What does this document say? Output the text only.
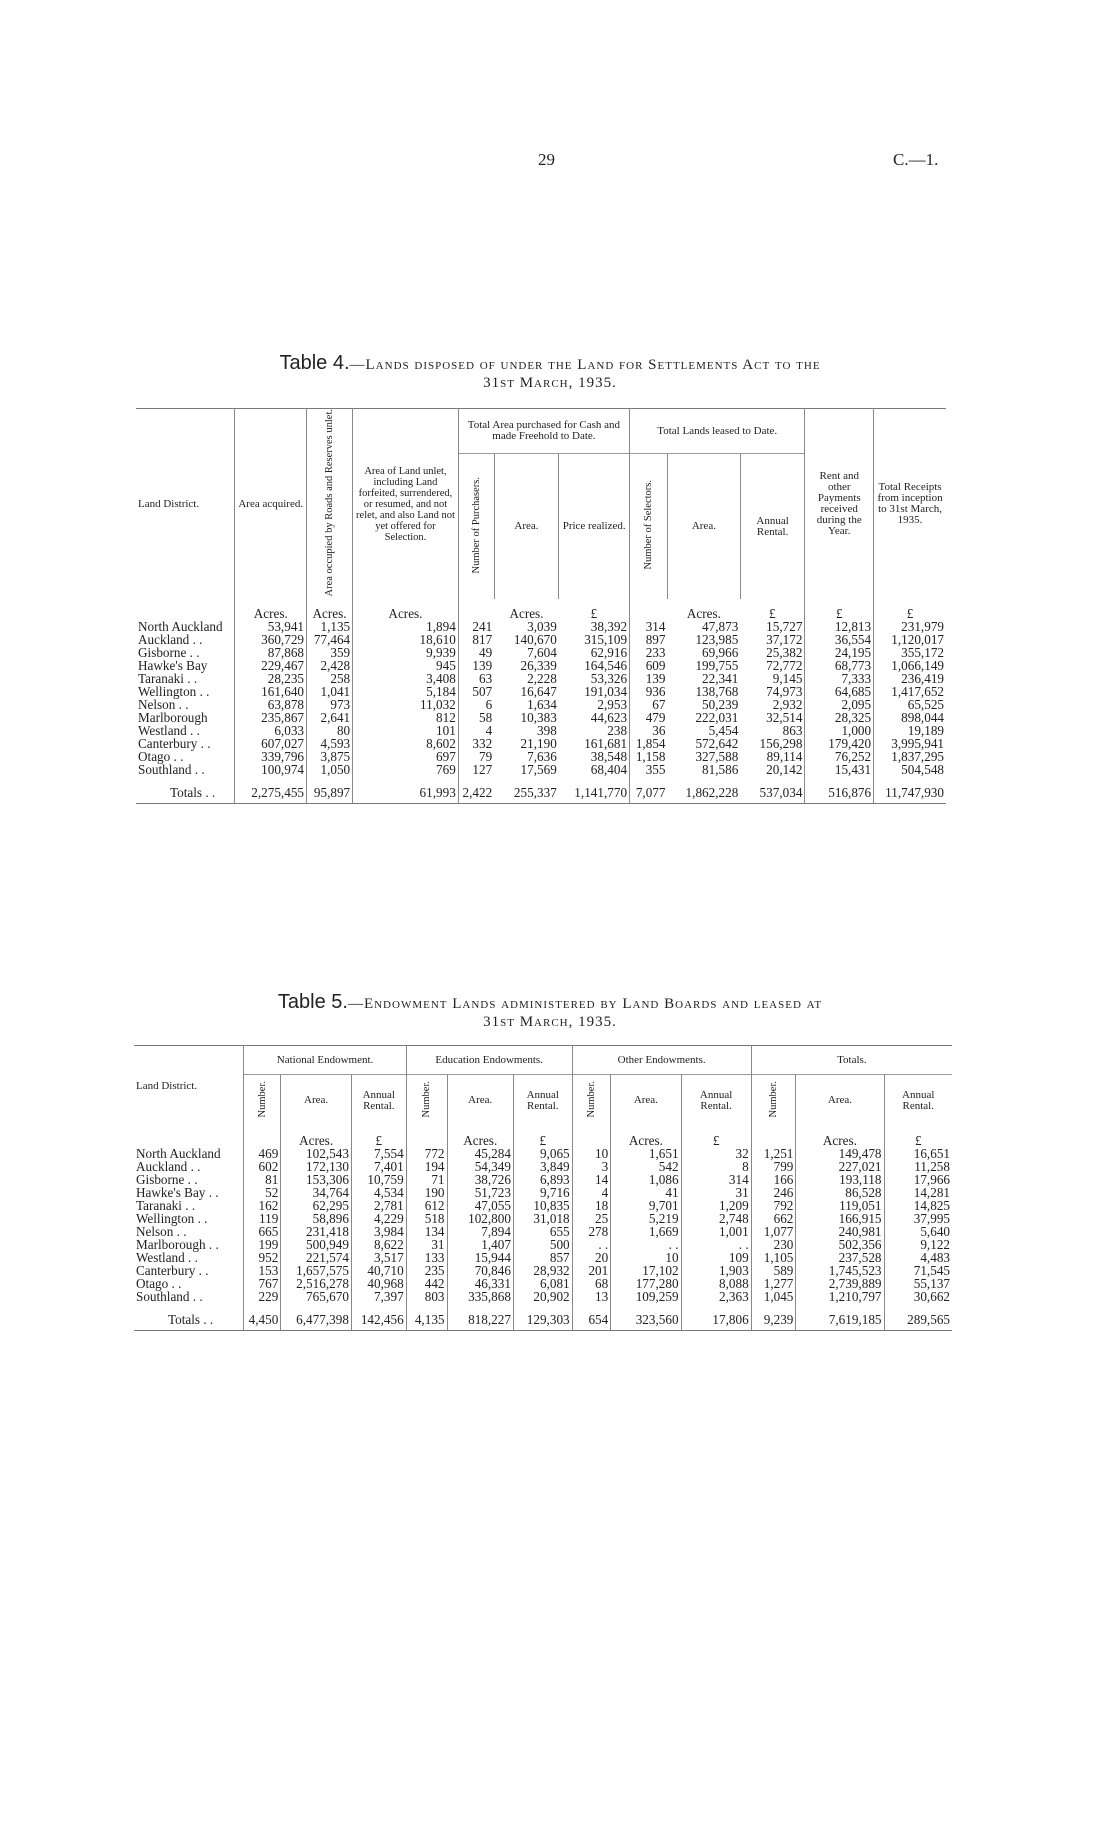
29	C.—1.
Table 4.—Lands disposed of under the Land for Settlements Act to the
31st March, 1935.
Land District.	Area acquired.	Area occupied by Roads and Reserves unlet.	Area of Land unlet, including Land forfeited, surrendered, or resumed, and not relet, and also Land not yet offered for Selection.	Total Area purchased for Cash and made Freehold to Date.			Total Lands leased to Date.			Rent and other Payments received during the Year.	Total Receipts from inception to 31st March, 1935.
				Number of Purchasers.	Area.	Price realized.	Number of Selectors.	Area.	Annual Rental.		
	Acres.	Acres.	Acres.		Acres.	£		Acres.	£	£	£
North Auckland	53,941	1,135	1,894	241	3,039	38,392	314	47,873	15,727	12,813	231,979
Auckland . .	360,729	77,464	18,610	817	140,670	315,109	897	123,985	37,172	36,554	1,120,017
Gisborne . .	87,868	359	9,939	49	7,604	62,916	233	69,966	25,382	24,195	355,172
Hawke's Bay	229,467	2,428	945	139	26,339	164,546	609	199,755	72,772	68,773	1,066,149
Taranaki . .	28,235	258	3,408	63	2,228	53,326	139	22,341	9,145	7,333	236,419
Wellington . .	161,640	1,041	5,184	507	16,647	191,034	936	138,768	74,973	64,685	1,417,652
Nelson . .	63,878	973	11,032	6	1,634	2,953	67	50,239	2,932	2,095	65,525
Marlborough	235,867	2,641	812	58	10,383	44,623	479	222,031	32,514	28,325	898,044
Westland . .	6,033	80	101	4	398	238	36	5,454	863	1,000	19,189
Canterbury . .	607,027	4,593	8,602	332	21,190	161,681	1,854	572,642	156,298	179,420	3,995,941
Otago . .	339,796	3,875	697	79	7,636	38,548	1,158	327,588	89,114	76,252	1,837,295
Southland . .	100,974	1,050	769	127	17,569	68,404	355	81,586	20,142	15,431	504,548
Totals . .	2,275,455	95,897	61,993	2,422	255,337	1,141,770	7,077	1,862,228	537,034	516,876	11,747,930
Table 5.—Endowment Lands administered by Land Boards and leased at
31st March, 1935.
Land District.	National Endowment.			Education Endowments.			Other Endowments.			Totals.		
	Number.	Area.	Annual Rental.	Number.	Area.	Annual Rental.	Number.	Area.	Annual Rental.	Number.	Area.	Annual Rental.
		Acres.	£		Acres.	£		Acres.	£		Acres.	£
North Auckland	469	102,543	7,554	772	45,284	9,065	10	1,651	32	1,251	149,478	16,651
Auckland . .	602	172,130	7,401	194	54,349	3,849	3	542	8	799	227,021	11,258
Gisborne . .	81	153,306	10,759	71	38,726	6,893	14	1,086	314	166	193,118	17,966
Hawke's Bay . .	52	34,764	4,534	190	51,723	9,716	4	41	31	246	86,528	14,281
Taranaki . .	162	62,295	2,781	612	47,055	10,835	18	9,701	1,209	792	119,051	14,825
Wellington . .	119	58,896	4,229	518	102,800	31,018	25	5,219	2,748	662	166,915	37,995
Nelson . .	665	231,418	3,984	134	7,894	655	278	1,669	1,001	1,077	240,981	5,640
Marlborough . .	199	500,949	8,622	31	1,407	500	. .	. .	. .	230	502,356	9,122
Westland . .	952	221,574	3,517	133	15,944	857	20	10	109	1,105	237,528	4,483
Canterbury . .	153	1,657,575	40,710	235	70,846	28,932	201	17,102	1,903	589	1,745,523	71,545
Otago . .	767	2,516,278	40,968	442	46,331	6,081	68	177,280	8,088	1,277	2,739,889	55,137
Southland . .	229	765,670	7,397	803	335,868	20,902	13	109,259	2,363	1,045	1,210,797	30,662
Totals . .	4,450	6,477,398	142,456	4,135	818,227	129,303	654	323,560	17,806	9,239	7,619,185	289,565
